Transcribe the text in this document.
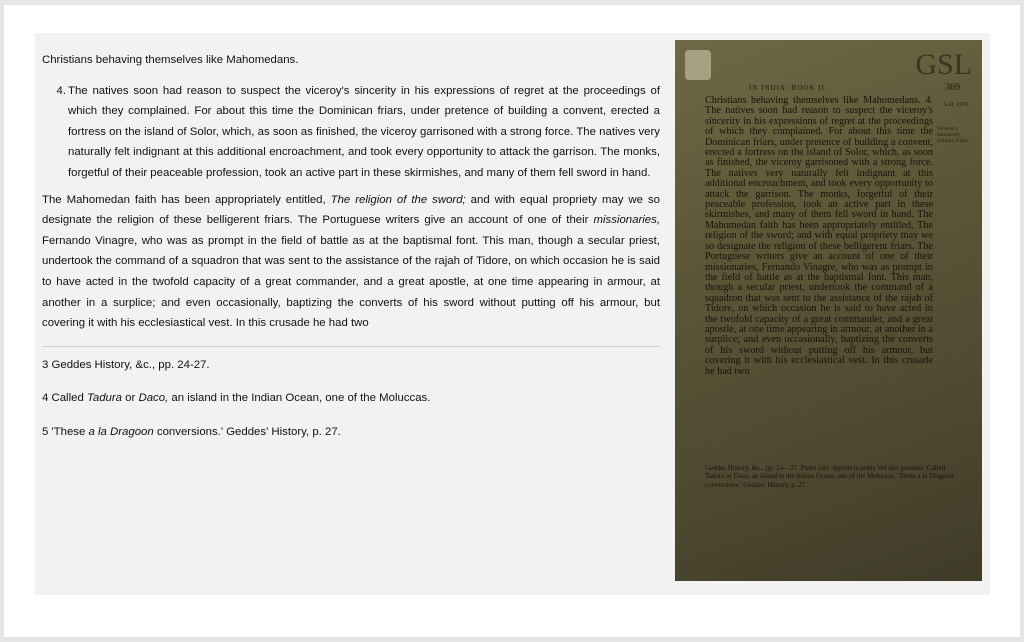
Christians behaving themselves like Mahomedans.

4. The natives soon had reason to suspect the viceroy's sincerity in his expressions of regret at the proceedings of which they complained. For about this time the Dominican friars, under pretence of building a convent, erected a fortress on the island of Solor, which, as soon as finished, the viceroy garrisoned with a strong force. The natives very naturally felt indignant at this additional encroachment, and took every opportunity to attack the garrison. The monks, forgetful of their peaceable profession, took an active part in these skirmishes, and many of them fell sword in hand.

The Mahomedan faith has been appropriately entitled, The religion of the sword; and with equal propriety may we so designate the religion of these belligerent friars. The Portuguese writers give an account of one of their missionaries, Fernando Vinagre, who was as prompt in the field of battle as at the baptismal font. This man, though a secular priest, undertook the command of a squadron that was sent to the assistance of the rajah of Tidore, on which occasion he is said to have acted in the twofold capacity of a great commander, and a great apostle, at one time appearing in armour, at another in a surplice; and even occasionally, baptizing the converts of his sword without putting off his armour, but covering it with his ecclesiastical vest. In this crusade he had two

3 Geddes History, &c., pp. 24-27.

4 Called Tadura or Daco, an island in the Indian Ocean, one of the Moluccas.

5 'These a la Dragoon conversions.' Geddes' History, p. 27.

GSL
IN INDIA: BOOK II.	369
A.D. 1570.
Viceroy's insincerity, military friars.
Christians behaving themselves like Mahomedans. 4. The natives soon had reason to suspect the viceroy's sincerity in his expressions of regret at the proceedings of which they complained. For about this time the Dominican friars, under pretence of building a convent, erected a fortress on the island of Solor, which, as soon as finished, the viceroy garrisoned with a strong force. The natives very naturally felt indignant at this additional encroachment, and took every opportunity to attack the garrison. The monks, forgetful of their peaceable profession, took an active part in these skirmishes, and many of them fell sword in hand. The Mahomedan faith has been appropriately entitled, The religion of the sword; and with equal propriety may we so designate the religion of these belligerent friars. The Portuguese writers give an account of one of their missionaries, Fernando Vinagre, who was as prompt in the field of battle as at the baptismal font. This man, though a secular priest, undertook the command of a squadron that was sent to the assistance of the rajah of Tidore, on which occasion he is said to have acted in the twofold capacity of a great commander, and a great apostle, at one time appearing in armour, at another in a surplice; and even occasionally, baptizing the converts of his sword without putting off his armour, but covering it with his ecclesiastical vest. In this crusade he had two
Geddes History, &c., pp. 24—27. Pudet hæc opprobria nobis Vel dici potuisse. Called Tadura or Daco, an island in the Indian Ocean, one of the Moluccas. 'These a la Dragoon conversions.' Geddes' History, p. 27.
